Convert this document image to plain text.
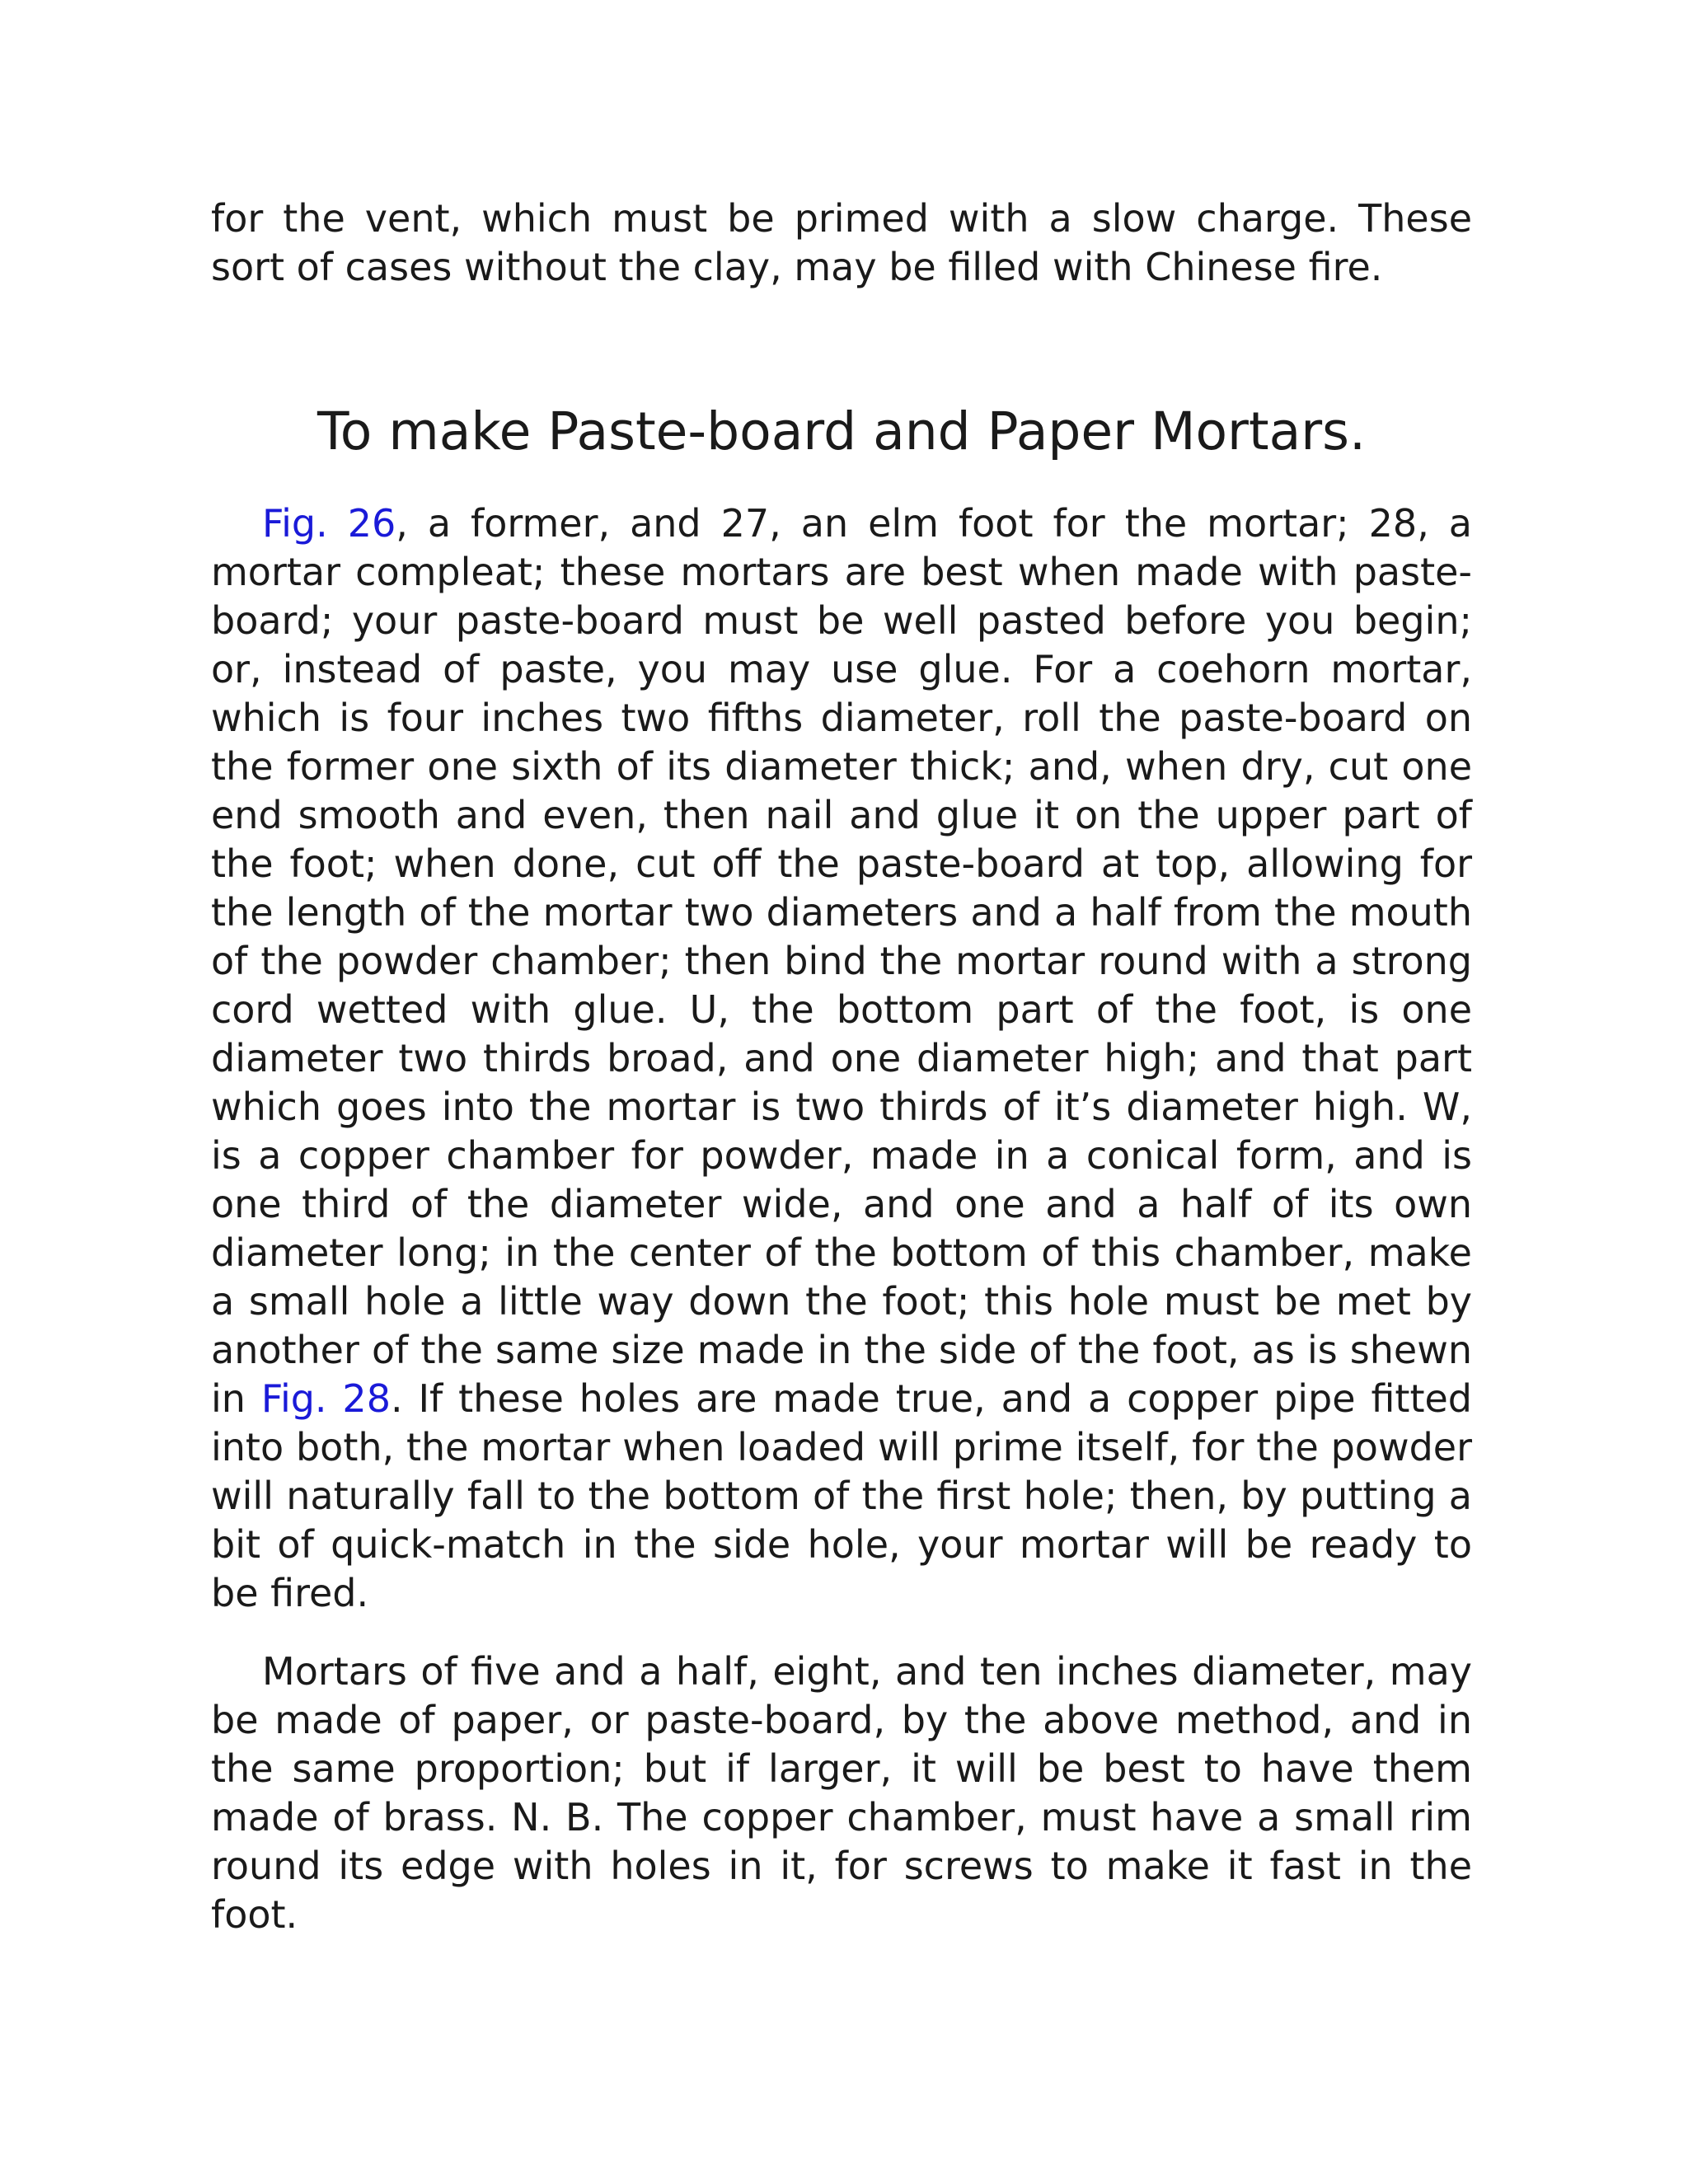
for the vent, which must be primed with a slow charge. These sort of cases without the clay, may be filled with Chinese fire.

To make Paste-board and Paper Mortars.

Fig. 26, a former, and 27, an elm foot for the mortar; 28, a mortar compleat; these mortars are best when made with paste-board; your paste-board must be well pasted before you begin; or, instead of paste, you may use glue. For a coehorn mortar, which is four inches two fifths diameter, roll the paste-board on the former one sixth of its diameter thick; and, when dry, cut one end smooth and even, then nail and glue it on the upper part of the foot; when done, cut off the paste-board at top, allowing for the length of the mortar two diameters and a half from the mouth of the powder chamber; then bind the mortar round with a strong cord wetted with glue. U, the bottom part of the foot, is one diameter two thirds broad, and one diameter high; and that part which goes into the mortar is two thirds of it’s diameter high. W, is a copper chamber for powder, made in a conical form, and is one third of the diameter wide, and one and a half of its own diameter long; in the center of the bottom of this chamber, make a small hole a little way down the foot; this hole must be met by another of the same size made in the side of the foot, as is shewn in Fig. 28. If these holes are made true, and a copper pipe fitted into both, the mortar when loaded will prime itself, for the powder will naturally fall to the bottom of the first hole; then, by putting a bit of quick-match in the side hole, your mortar will be ready to be fired.

Mortars of five and a half, eight, and ten inches diameter, may be made of paper, or paste-board, by the above method, and in the same proportion; but if larger, it will be best to have them made of brass. N. B. The copper chamber, must have a small rim round its edge with holes in it, for screws to make it fast in the foot.
